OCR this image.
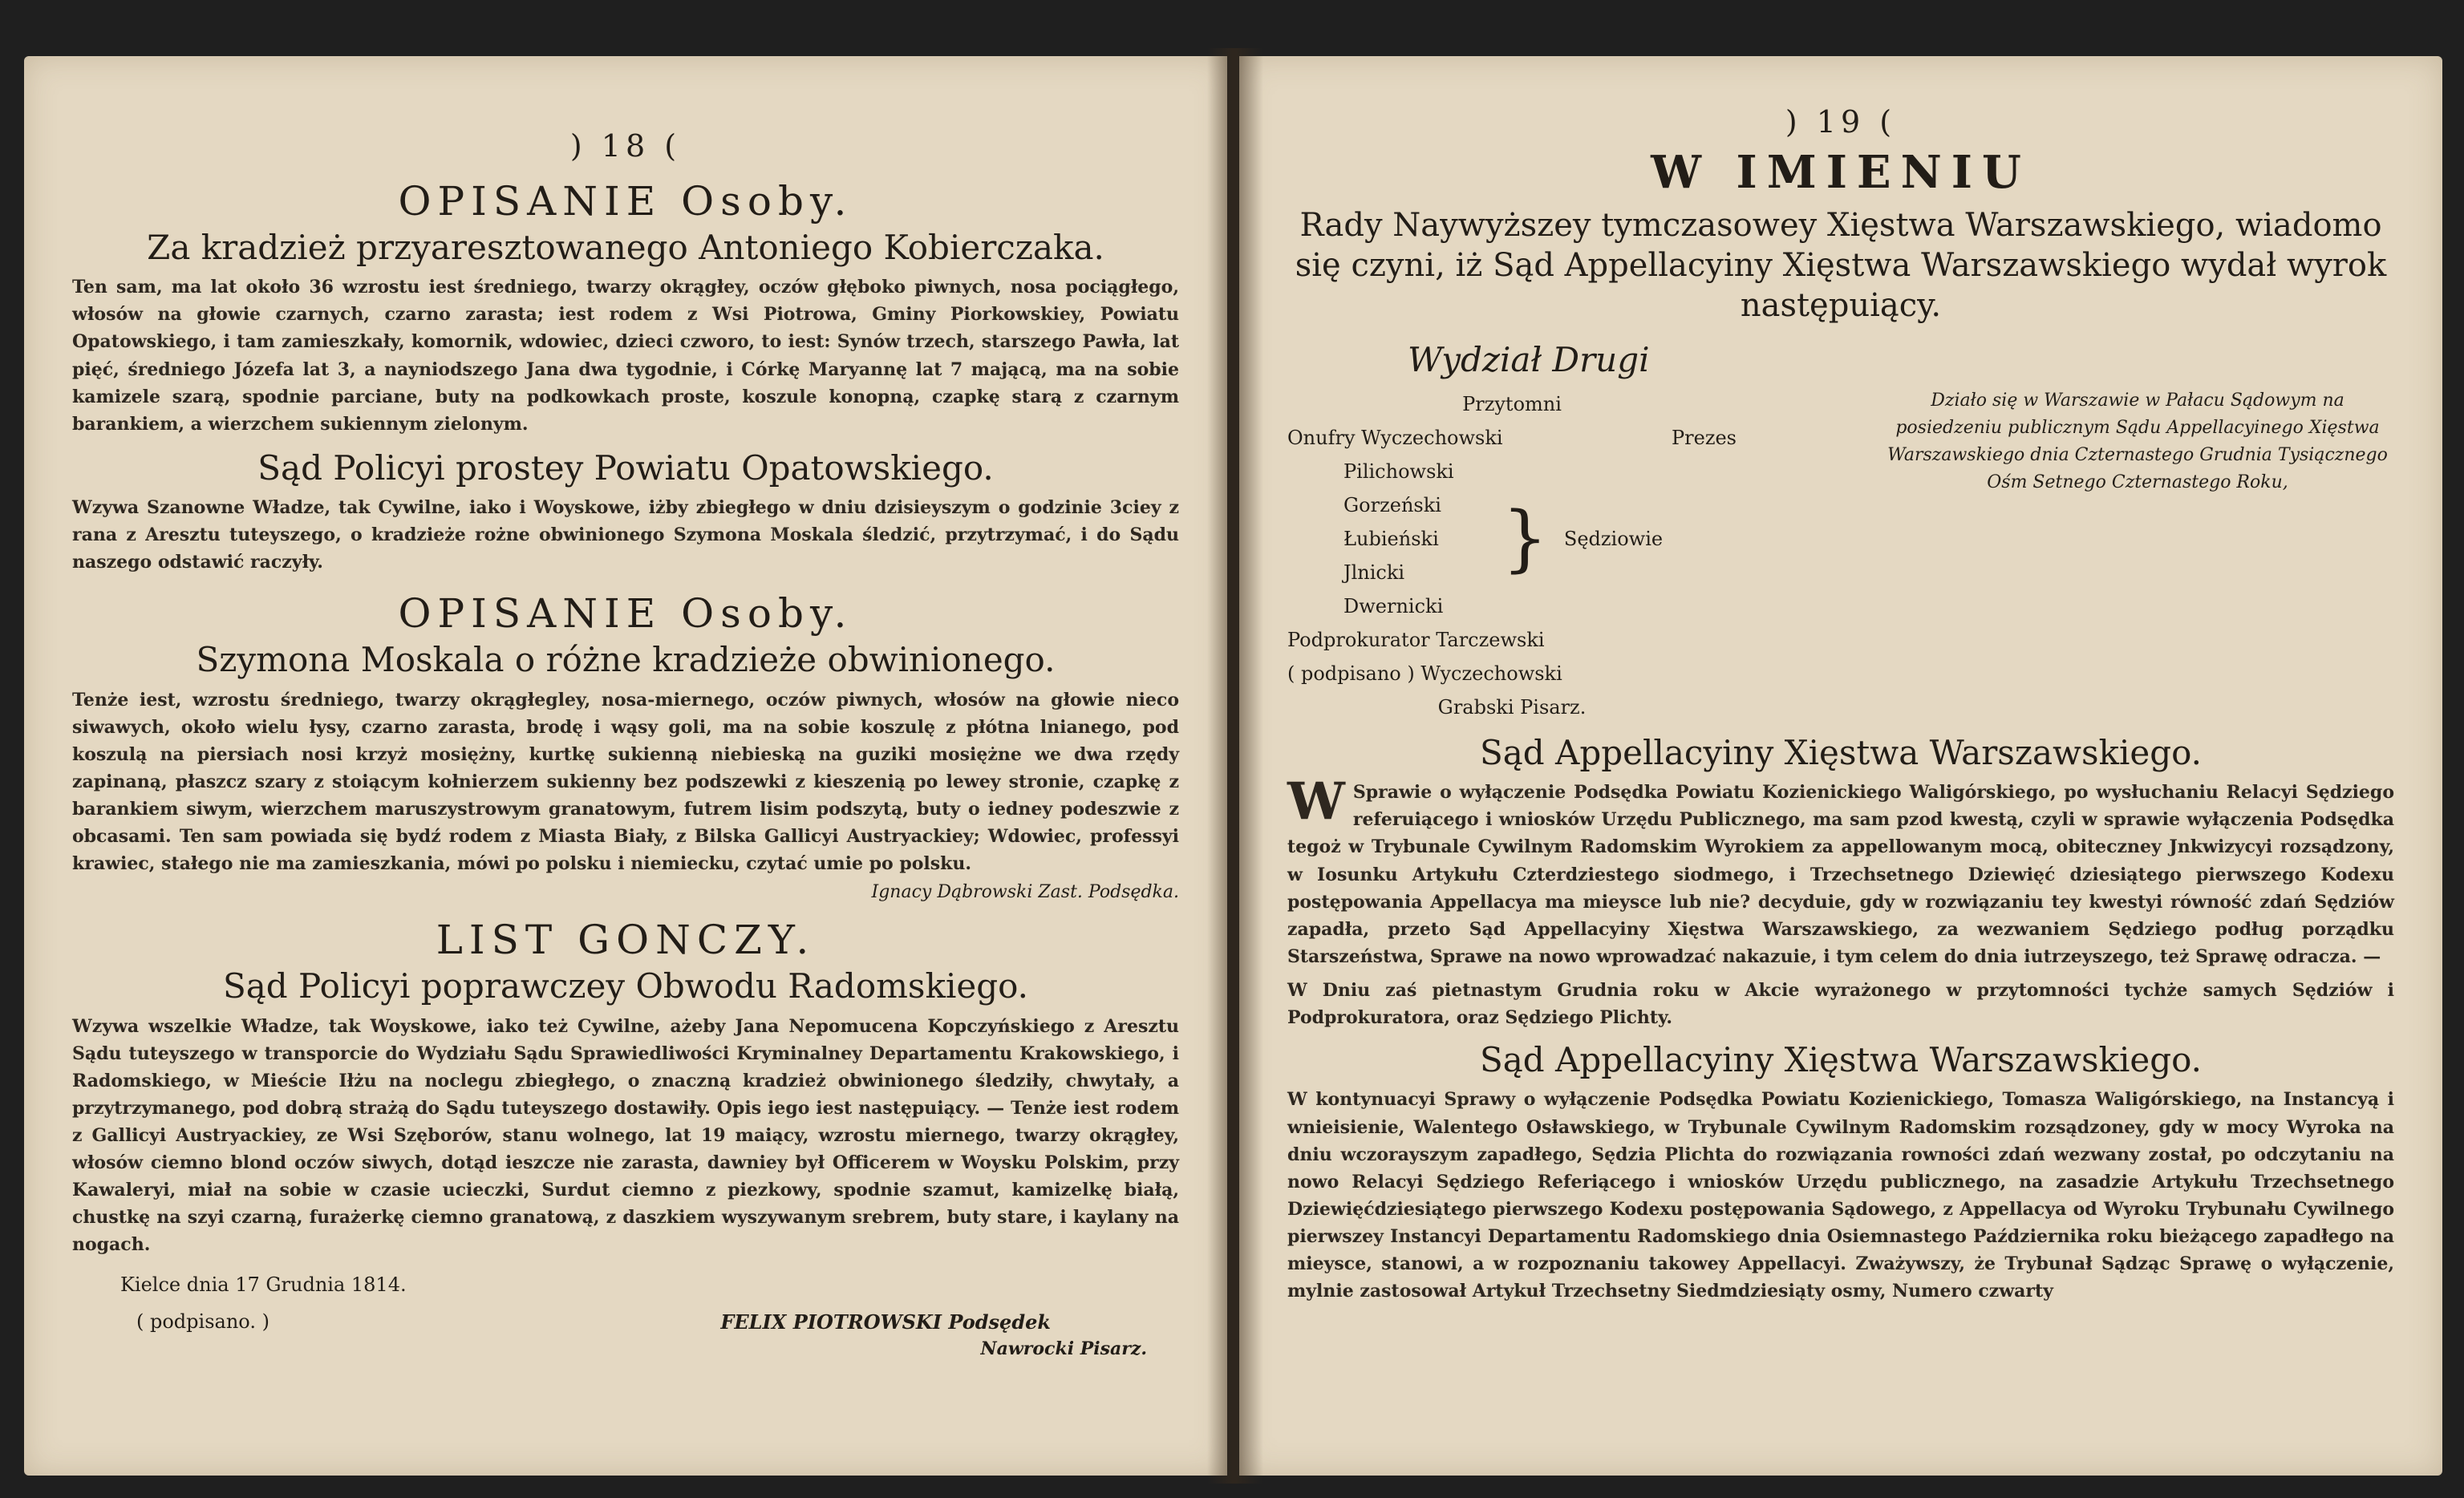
) 18 (
OPISANIE Osoby.
Za kradzież przyaresztowanego Antoniego Kobierczaka.
Ten sam, ma lat około 36 wzrostu iest średniego, twarzy okrągłey, oczów głęboko piwnych, nosa pociągłego, włosów na głowie czarnych, czarno zarasta; iest rodem z Wsi Piotrowa, Gminy Piorkowskiey, Powiatu Opatowskiego, i tam zamieszkały, komornik, wdowiec, dzieci czworo, to iest: Synów trzech, starszego Pawła, lat pięć, średniego Józefa lat 3, a nayniodszego Jana dwa tygodnie, i Córkę Maryannę lat 7 mającą, ma na sobie kamizele szarą, spodnie parciane, buty na podkowkach proste, koszule konopną, czapkę starą z czarnym barankiem, a wierzchem sukiennym zielonym.
Sąd Policyi prostey Powiatu Opatowskiego.
Wzywa Szanowne Władze, tak Cywilne, iako i Woyskowe, iżby zbiegłego w dniu dzisieyszym o godzinie 3ciey z rana z Aresztu tuteyszego, o kradzieże rożne obwinionego Szymona Moskala śledzić, przytrzymać, i do Sądu naszego odstawić raczyły.
OPISANIE Osoby.
Szymona Moskala o różne kradzieże obwinionego.
Tenże iest, wzrostu średniego, twarzy okrągłegley, nosa-miernego, oczów piwnych, włosów na głowie nieco siwawych, około wielu łysy, czarno zarasta, brodę i wąsy goli, ma na sobie koszulę z płótna lnianego, pod koszulą na piersiach nosi krzyż mosiężny, kurtkę sukienną niebieską na guziki mosiężne we dwa rzędy zapinaną, płaszcz szary z stoiącym kołnierzem sukienny bez podszewki z kieszenią po lewey stronie, czapkę z barankiem siwym, wierzchem maruszystrowym granatowym, futrem lisim podszytą, buty o iedney podeszwie z obcasami. Ten sam powiada się bydź rodem z Miasta Biały, z Bilska Gallicyi Austryackiey; Wdowiec, professyi krawiec, stałego nie ma zamieszkania, mówi po polsku i niemiecku, czytać umie po polsku.
Ignacy Dąbrowski Zast. Podsędka.
LIST GONCZY.
Sąd Policyi poprawczey Obwodu Radomskiego.
Wzywa wszelkie Władze, tak Woyskowe, iako też Cywilne, ażeby Jana Nepomucena Kopczyńskiego z Aresztu Sądu tuteyszego w transporcie do Wydziału Sądu Sprawiedliwości Kryminalney Departamentu Krakowskiego, i Radomskiego, w Mieście Iłżu na noclegu zbiegłego, o znaczną kradzież obwinionego śledziły, chwytały, a przytrzymanego, pod dobrą strażą do Sądu tuteyszego dostawiły. Opis iego iest następuiący. — Tenże iest rodem z Gallicyi Austryackiey, ze Wsi Szęborów, stanu wolnego, lat 19 maiący, wzrostu miernego, twarzy okrągłey, włosów ciemno blond oczów siwych, dotąd ieszcze nie zarasta, dawniey był Officerem w Woysku Polskim, przy Kawaleryi, miał na sobie w czasie ucieczki, Surdut ciemno z piezkowy, spodnie szamut, kamizelkę białą, chustkę na szyi czarną, furażerkę ciemno granatową, z daszkiem wyszywanym srebrem, buty stare, i kaylany na nogach.
Kielce dnia 17 Grudnia 1814.
( podpisano. )	FELIX PIOTROWSKI Podsędek
Nawrocki Pisarz.
) 19 (
W IMIENIU
Rady Naywyższey tymczasowey Xięstwa Warszawskiego, wiadomo się czyni, iż Sąd Appellacyiny Xięstwa Warszawskiego wydał wyrok następuiący.
Wydział Drugi
Przytomni
Onufry Wyczechowski	Prezes
Pilichowski
Gorzeński
Łubieński
Jlnicki
Dwernicki
} Sędziowie
Podprokurator Tarczewski
( podpisano ) Wyczechowski
Grabski Pisarz.
Działo się w Warszawie w Pałacu Sądowym na posiedzeniu publicznym Sądu Appellacyinego Xięstwa Warszawskiego dnia Czternastego Grudnia Tysiącznego Ośm Setnego Czternastego Roku,
Sąd Appellacyiny Xięstwa Warszawskiego.
W Sprawie o wyłączenie Podsędka Powiatu Kozienickiego Waligórskiego, po wysłuchaniu Relacyi Sędziego referuiącego i wniosków Urzędu Publicznego, ma sam pzod kwestą, czyli w sprawie wyłączenia Podsędka tegoż w Trybunale Cywilnym Radomskim Wyrokiem za appellowanym mocą, obiteczney Jnkwizycyi rozsądzony, w Iosunku Artykułu Czterdziestego siodmego, i Trzechsetnego Dziewięć dziesiątego pierwszego Kodexu postępowania Appellacya ma mieysce lub nie? decyduie, gdy w rozwiązaniu tey kwestyi równość zdań Sędziów zapadła, przeto Sąd Appellacyiny Xięstwa Warszawskiego, za wezwaniem Sędziego podług porządku Starszeństwa, Sprawe na nowo wprowadzać nakazuie, i tym celem do dnia iutrzeyszego, też Sprawę odracza. —
W Dniu zaś pietnastym Grudnia roku w Akcie wyrażonego w przytomności tychże samych Sędziów i Podprokuratora, oraz Sędziego Plichty.
Sąd Appellacyiny Xięstwa Warszawskiego.
W kontynuacyi Sprawy o wyłączenie Podsędka Powiatu Kozienickiego, Tomasza Waligórskiego, na Instancyą i wnieisienie, Walentego Osławskiego, w Trybunale Cywilnym Radomskim rozsądzoney, gdy w mocy Wyroka na dniu wczorayszym zapadłego, Sędzia Plichta do rozwiązania rowności zdań wezwany został, po odczytaniu na nowo Relacyi Sędziego Referiącego i wniosków Urzędu publicznego, na zasadzie Artykułu Trzechsetnego Dziewięćdziesiątego pierwszego Kodexu postępowania Sądowego, z Appellacya od Wyroku Trybunału Cywilnego pierwszey Instancyi Departamentu Radomskiego dnia Osiemnastego Października roku bieżącego zapadłego na mieysce, stanowi, a w rozpoznaniu takowey Appellacyi. Zważywszy, że Trybunał Sądząc Sprawę o wyłączenie, mylnie zastosował Artykuł Trzechsetny Siedmdziesiąty osmy, Numero czwarty
